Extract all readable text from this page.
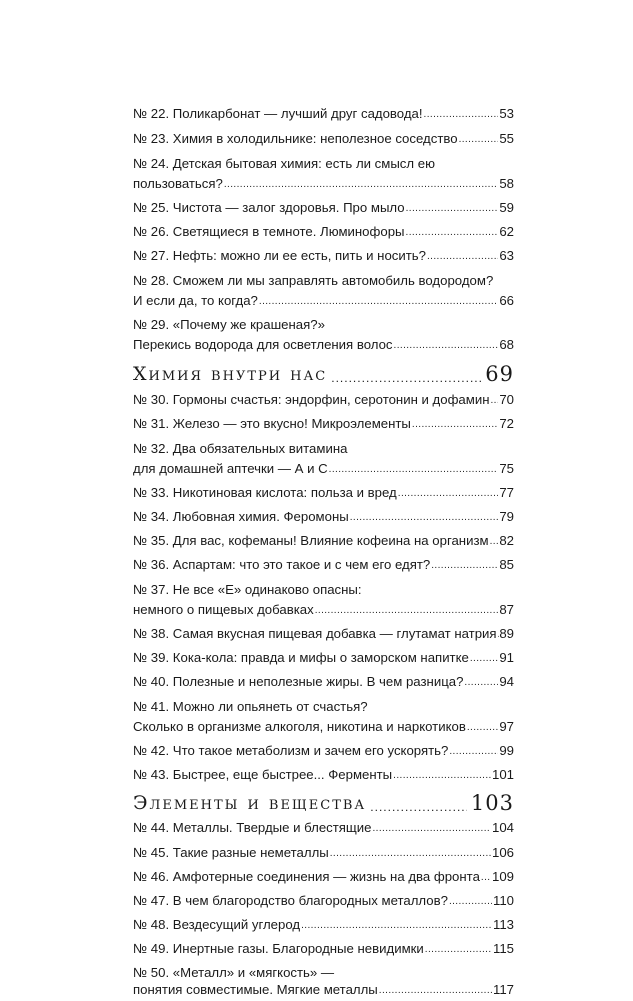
№ 22. Поликарбонат — лучший друг садовода! .....	53
№ 23. Химия в холодильнике: неполезное соседство .....	55
№ 24. Детская бытовая химия: есть ли смысл ею
пользоваться? .....	58
№ 25. Чистота — залог здоровья. Про мыло .....	59
№ 26. Светящиеся в темноте. Люминофоры .....	62
№ 27. Нефть: можно ли ее есть, пить и носить? .....	63
№ 28. Сможем ли мы заправлять автомобиль водородом?
И если да, то когда? .....	66
№ 29. «Почему же крашеная?»
Перекись водорода для осветления волос .....	68
Химия внутри нас .....	69
№ 30. Гормоны счастья: эндорфин, серотонин и дофамин ..... 70
№ 31. Железо — это вкусно! Микроэлементы .....	72
№ 32. Два обязательных витамина
для домашней аптечки — А и С .....	75
№ 33. Никотиновая кислота: польза и вред .....	77
№ 34. Любовная химия. Феромоны .....	79
№ 35. Для вас, кофеманы! Влияние кофеина на организм ..... 82
№ 36. Аспартам: что это такое и с чем его едят? .....	85
№ 37. Не все «Е» одинаково опасны:
немного о пищевых добавках .....	87
№ 38. Самая вкусная пищевая добавка — глутамат натрия ..... 89
№ 39. Кока-кола: правда и мифы о заморском напитке ..... 91
№ 40. Полезные и неполезные жиры. В чем разница? .....	94
№ 41. Можно ли опьянеть от счастья?
Сколько в организме алкоголя, никотина и наркотиков .....	97
№ 42. Что такое метаболизм и зачем его ускорять? .....	99
№ 43. Быстрее, еще быстрее... Ферменты .....	101
Элементы и вещества .....	103
№ 44. Металлы. Твердые и блестящие .....	104
№ 45. Такие разные неметаллы .....	106
№ 46. Амфотерные соединения — жизнь на два фронта ..... 109
№ 47. В чем благородство благородных металлов? .....	110
№ 48. Вездесущий углерод .....	113
№ 49. Инертные газы. Благородные невидимки .....	115
№ 50. «Металл» и «мягкость» —
понятия совместимые. Мягкие металлы .....	117
